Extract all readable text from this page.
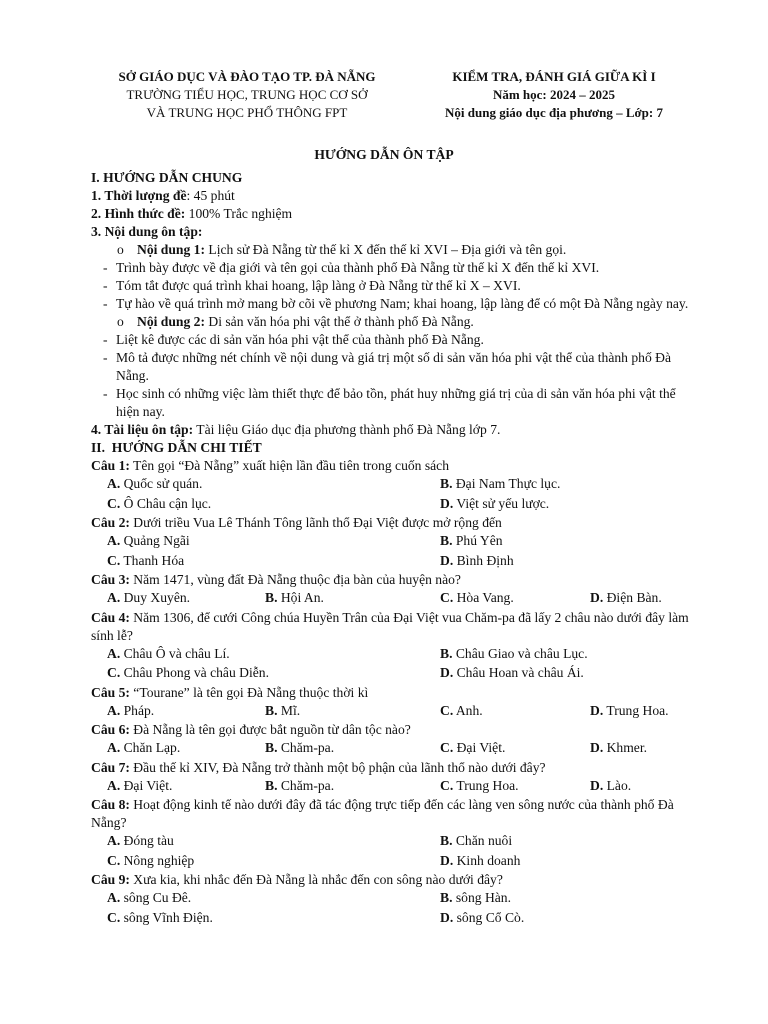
SỞ GIÁO DỤC VÀ ĐÀO TẠO TP. ĐÀ NẴNG
TRƯỜNG TIỂU HỌC, TRUNG HỌC CƠ SỞ
VÀ TRUNG HỌC PHỔ THÔNG FPT
KIỂM TRA, ĐÁNH GIÁ GIỮA KÌ I
Năm học: 2024 – 2025
Nội dung giáo dục địa phương – Lớp: 7
HƯỚNG DẪN ÔN TẬP
I. HƯỚNG DẪN CHUNG
1. Thời lượng đề: 45 phút
2. Hình thức đề: 100% Trắc nghiệm
3. Nội dung ôn tập:
o Nội dung 1: Lịch sử Đà Nẵng từ thế kỉ X đến thế kỉ XVI – Địa giới và tên gọi.
- Trình bày được về địa giới và tên gọi của thành phố Đà Nẵng từ thế kỉ X đến thế kỉ XVI.
- Tóm tắt được quá trình khai hoang, lập làng ở Đà Nẵng từ thế kỉ X – XVI.
- Tự hào về quá trình mở mang bờ cõi về phương Nam; khai hoang, lập làng để có một Đà Nẵng ngày nay.
o Nội dung 2: Di sản văn hóa phi vật thể ở thành phố Đà Nẵng.
- Liệt kê được các di sản văn hóa phi vật thể của thành phố Đà Nẵng.
- Mô tả được những nét chính về nội dung và giá trị một số di sản văn hóa phi vật thể của thành phố Đà Nẵng.
- Học sinh có những việc làm thiết thực để bảo tồn, phát huy những giá trị của di sản văn hóa phi vật thể hiện nay.
4. Tài liệu ôn tập: Tài liệu Giáo dục địa phương thành phố Đà Nẵng lớp 7.
II.  HƯỚNG DẪN CHI TIẾT
Câu 1: Tên gọi “Đà Nẵng” xuất hiện lần đầu tiên trong cuốn sách
A. Quốc sử quán.	B. Đại Nam Thực lục.
C. Ô Châu cận lục.	D. Việt sử yếu lược.
Câu 2: Dưới triều Vua Lê Thánh Tông lãnh thổ Đại Việt được mở rộng đến
A. Quảng Ngãi	B. Phú Yên
C. Thanh Hóa	D. Bình Định
Câu 3: Năm 1471, vùng đất Đà Nẵng thuộc địa bàn của huyện nào?
A. Duy Xuyên.	B. Hội An.	C. Hòa Vang.	D. Điện Bàn.
Câu 4: Năm 1306, để cưới Công chúa Huyền Trân của Đại Việt vua Chăm-pa đã lấy 2 châu nào dưới đây làm sính lễ?
A. Châu Ô và châu Lí.	B. Châu Giao và châu Lục.
C. Châu Phong và châu Diễn.	D. Châu Hoan và châu Ái.
Câu 5: “Tourane” là tên gọi Đà Nẵng thuộc thời kì
A. Pháp.	B. Mĩ.	C. Anh.	D. Trung Hoa.
Câu 6: Đà Nẵng là tên gọi được bắt nguồn từ dân tộc nào?
A. Chăn Lạp.	B. Chăm-pa.	C. Đại Việt.	D. Khmer.
Câu 7: Đầu thế kỉ XIV, Đà Nẵng trở thành một bộ phận của lãnh thổ nào dưới đây?
A. Đại Việt.	B. Chăm-pa.	C. Trung Hoa.	D. Lào.
Câu 8: Hoạt động kinh tế nào dưới đây đã tác động trực tiếp đến các làng ven sông nước của thành phố Đà Nẵng?
A. Đóng tàu	B. Chăn nuôi
C. Nông nghiệp	D. Kinh doanh
Câu 9: Xưa kia, khi nhắc đến Đà Nẵng là nhắc đến con sông nào dưới đây?
A. sông Cu Đê.	B. sông Hàn.
C. sông Vĩnh Điện.	D. sông Cổ Cò.
